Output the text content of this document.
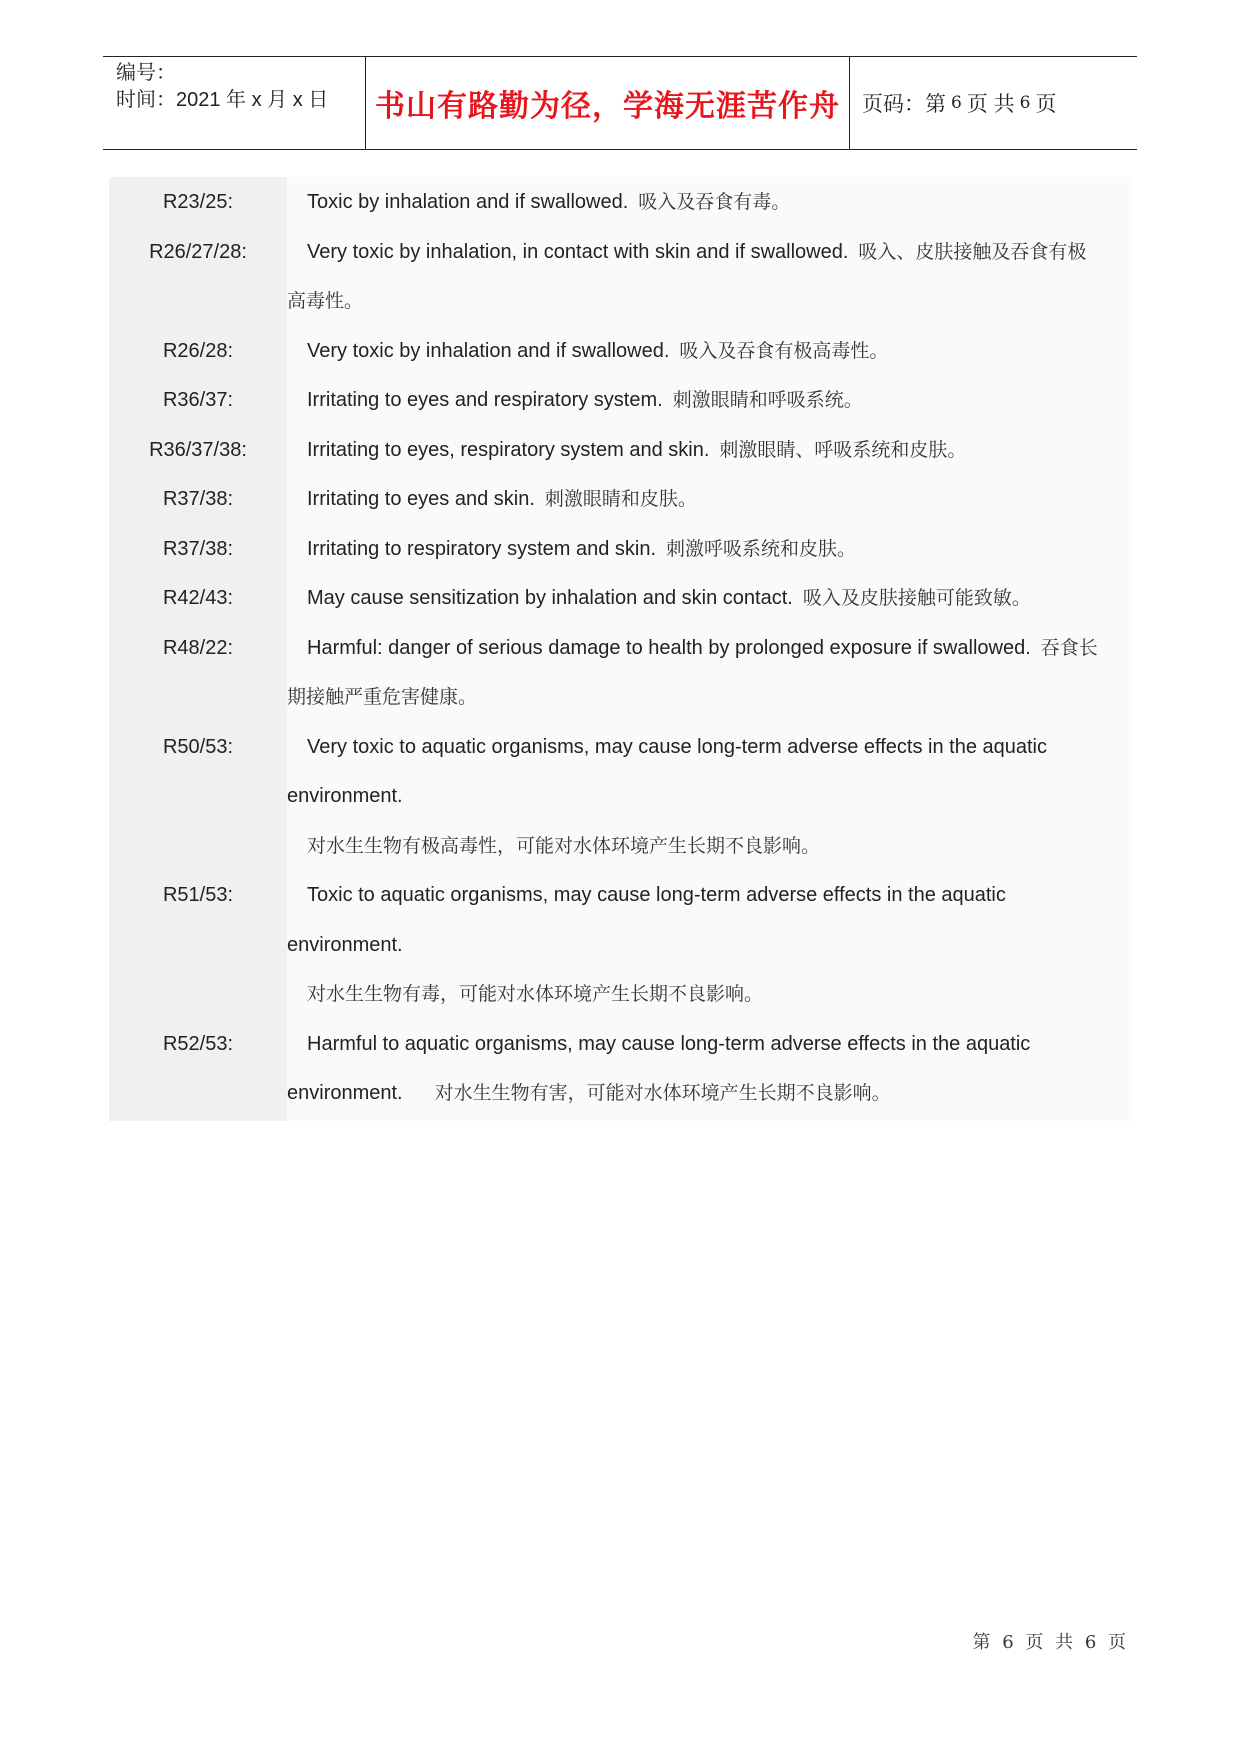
编号：
时间：2021 年 x 月 x 日	书山有路勤为径，学海无涯苦作舟	页码：第 6 页 共 6 页
R23/25:	Toxic by inhalation and if swallowed. 吸入及吞食有毒。
R26/27/28:	Very toxic by inhalation, in contact with skin and if swallowed. 吸入、皮肤接触及吞食有极
高毒性。
R26/28:	Very toxic by inhalation and if swallowed. 吸入及吞食有极高毒性。
R36/37:	Irritating to eyes and respiratory system. 刺激眼睛和呼吸系统。
R36/37/38:	Irritating to eyes, respiratory system and skin. 刺激眼睛、呼吸系统和皮肤。
R37/38:	Irritating to eyes and skin. 刺激眼睛和皮肤。
R37/38:	Irritating to respiratory system and skin. 刺激呼吸系统和皮肤。
R42/43:	May cause sensitization by inhalation and skin contact. 吸入及皮肤接触可能致敏。
R48/22:	Harmful: danger of serious damage to health by prolonged exposure if swallowed. 吞食长
期接触严重危害健康。
R50/53:	Very toxic to aquatic organisms, may cause long-term adverse effects in the aquatic
environment.
对水生生物有极高毒性，可能对水体环境产生长期不良影响。
R51/53:	Toxic to aquatic organisms, may cause long-term adverse effects in the aquatic
environment.
对水生生物有毒，可能对水体环境产生长期不良影响。
R52/53:	Harmful to aquatic organisms, may cause long-term adverse effects in the aquatic
environment. 对水生生物有害，可能对水体环境产生长期不良影响。
第 6 页 共 6 页
